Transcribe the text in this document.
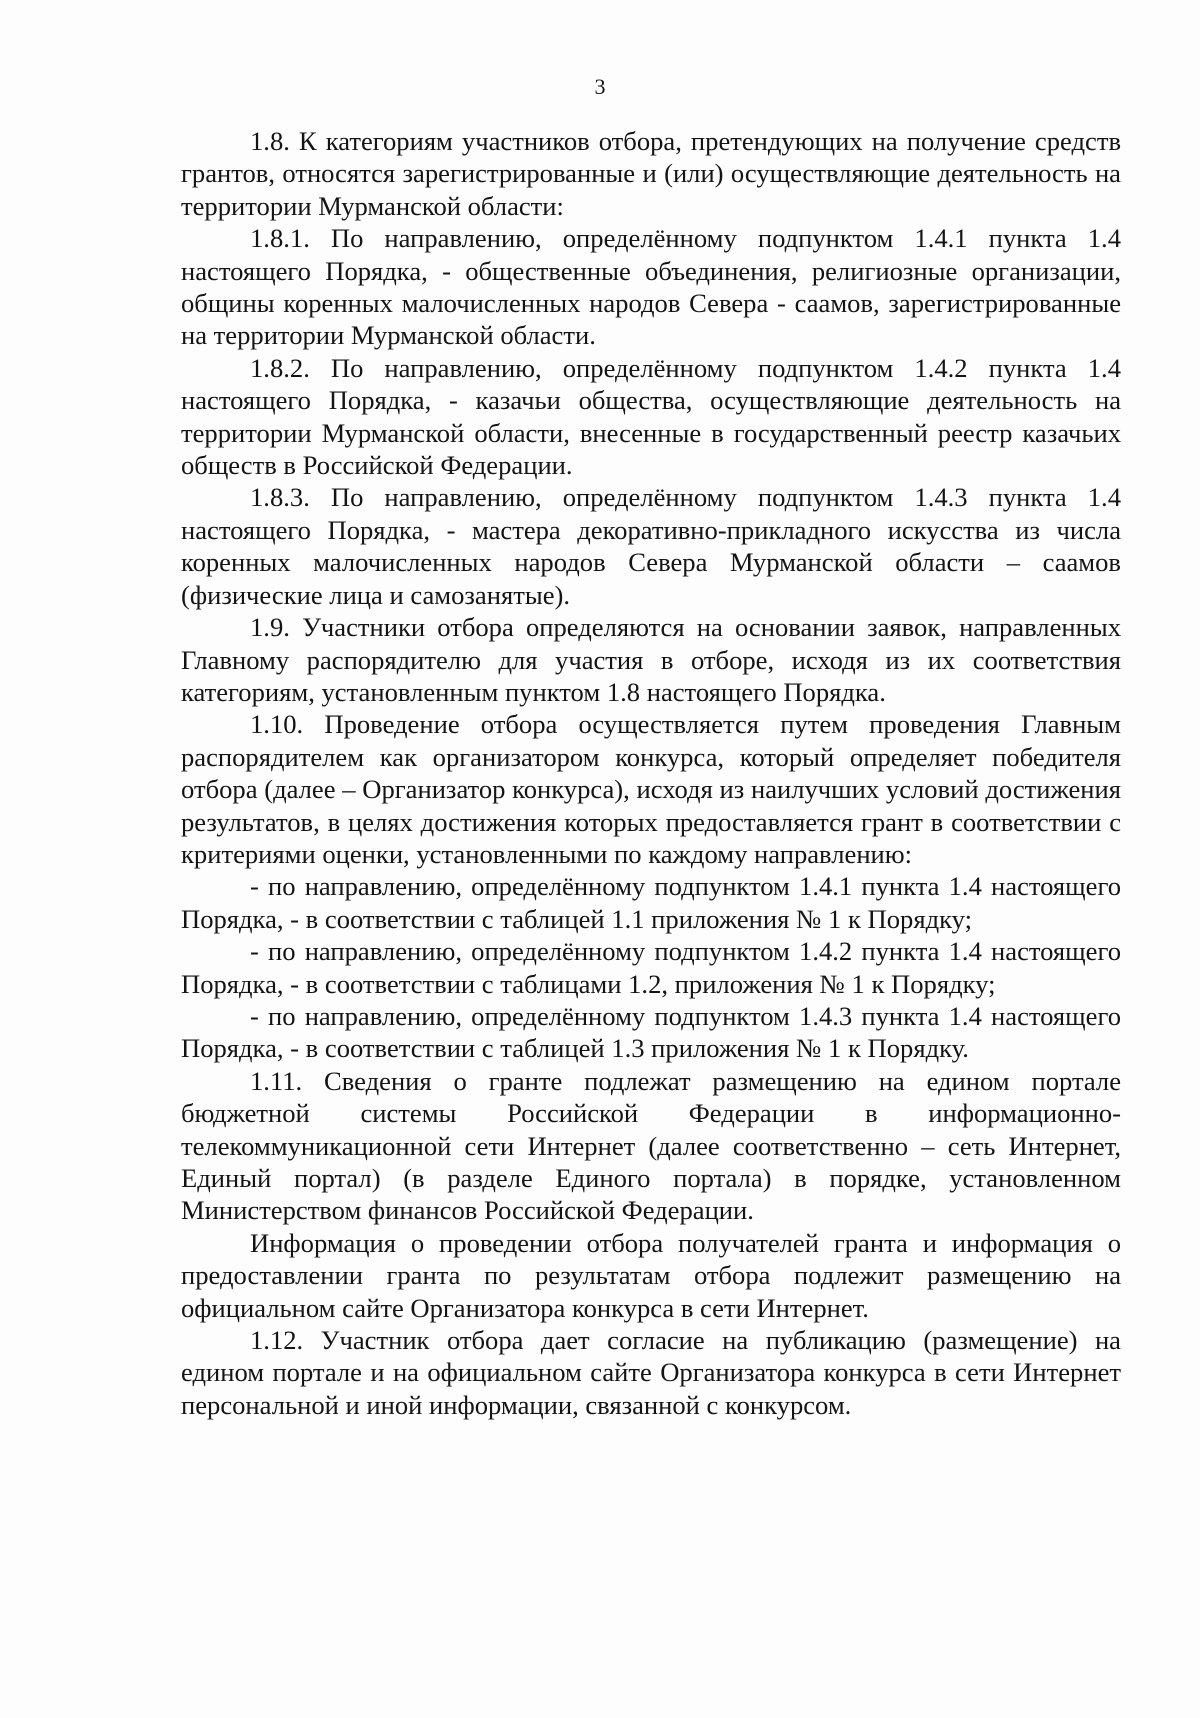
3

1.8. К категориям участников отбора, претендующих на получение средств грантов, относятся зарегистрированные и (или) осуществляющие деятельность на территории Мурманской области:

1.8.1. По направлению, определённому подпунктом 1.4.1 пункта 1.4 настоящего Порядка, - общественные объединения, религиозные организации, общины коренных малочисленных народов Севера - саамов, зарегистрированные на территории Мурманской области.

1.8.2. По направлению, определённому подпунктом 1.4.2 пункта 1.4 настоящего Порядка, - казачьи общества, осуществляющие деятельность на территории Мурманской области, внесенные в государственный реестр казачьих обществ в Российской Федерации.

1.8.3. По направлению, определённому подпунктом 1.4.3 пункта 1.4 настоящего Порядка, - мастера декоративно-прикладного искусства из числа коренных малочисленных народов Севера Мурманской области – саамов (физические лица и самозанятые).

1.9. Участники отбора определяются на основании заявок, направленных Главному распорядителю для участия в отборе, исходя из их соответствия категориям, установленным пунктом 1.8 настоящего Порядка.

1.10. Проведение отбора осуществляется путем проведения Главным распорядителем как организатором конкурса, который определяет победителя отбора (далее – Организатор конкурса), исходя из наилучших условий достижения результатов, в целях достижения которых предоставляется грант в соответствии с критериями оценки, установленными по каждому направлению:

- по направлению, определённому подпунктом 1.4.1 пункта 1.4 настоящего Порядка, - в соответствии с таблицей 1.1 приложения № 1 к Порядку;

- по направлению, определённому подпунктом 1.4.2 пункта 1.4 настоящего Порядка, - в соответствии с таблицами 1.2, приложения № 1 к Порядку;

- по направлению, определённому подпунктом 1.4.3 пункта 1.4 настоящего Порядка, - в соответствии с таблицей 1.3 приложения № 1 к Порядку.

1.11. Сведения о гранте подлежат размещению на едином портале бюджетной системы Российской Федерации в информационно-телекоммуникационной сети Интернет (далее соответственно – сеть Интернет, Единый портал) (в разделе Единого портала) в порядке, установленном Министерством финансов Российской Федерации.

Информация о проведении отбора получателей гранта и информация о предоставлении гранта по результатам отбора подлежит размещению на официальном сайте Организатора конкурса в сети Интернет.

1.12. Участник отбора дает согласие на публикацию (размещение) на едином портале и на официальном сайте Организатора конкурса в сети Интернет персональной и иной информации, связанной с конкурсом.
